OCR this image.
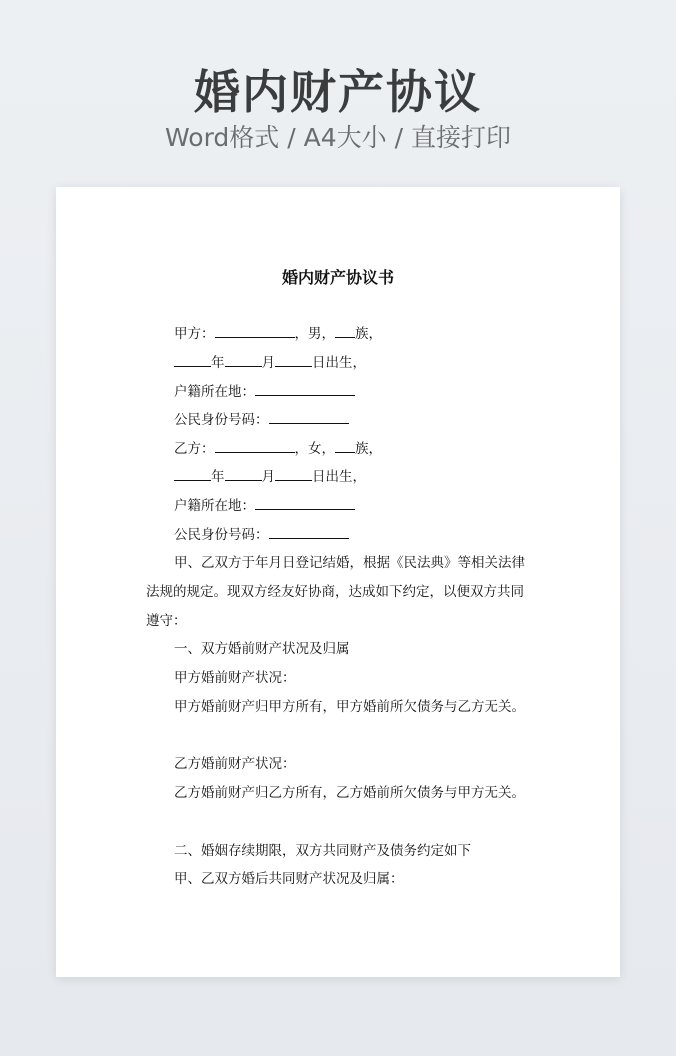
婚内财产协议
Word格式 / A4大小 / 直接打印
婚内财产协议书
甲方：	，男， 族，
年	月	日出生，
户籍所在地：
公民身份号码：
乙方：	，女， 族，
年	月	日出生，
户籍所在地：
公民身份号码：
甲、乙双方于年月日登记结婚，根据《民法典》等相关法律
法规的规定。现双方经友好协商，达成如下约定，以便双方共同
遵守：
一、双方婚前财产状况及归属
甲方婚前财产状况：
甲方婚前财产归甲方所有，甲方婚前所欠债务与乙方无关。
乙方婚前财产状况：
乙方婚前财产归乙方所有，乙方婚前所欠债务与甲方无关。
二、婚姻存续期限，双方共同财产及债务约定如下
甲、乙双方婚后共同财产状况及归属：
